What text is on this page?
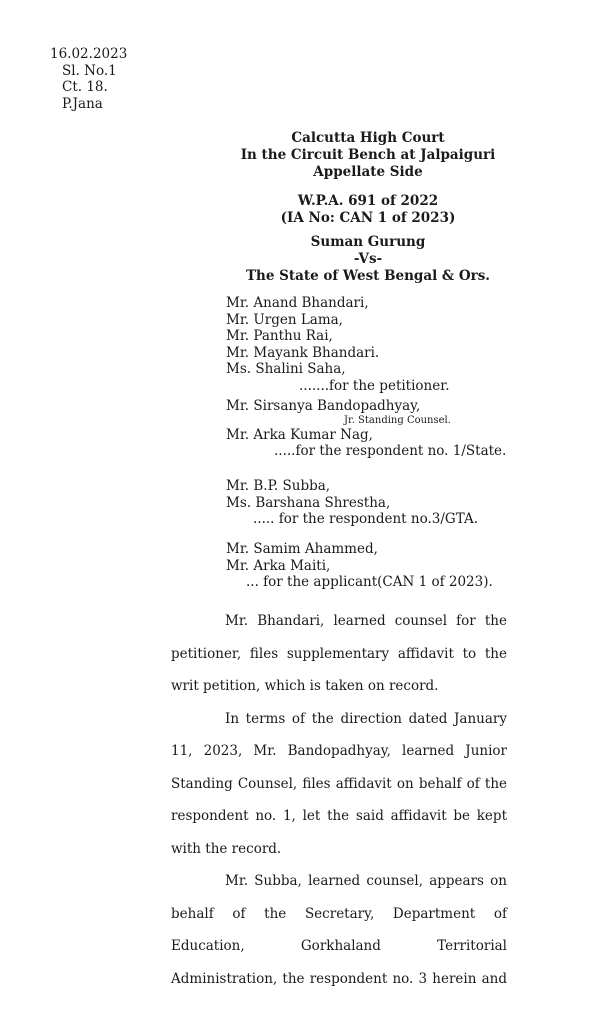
16.02.2023
Sl. No.1
Ct. 18.
P.Jana
Calcutta High Court
In the Circuit Bench at Jalpaiguri
Appellate Side
W.P.A. 691 of 2022
(IA No: CAN 1 of 2023)
Suman Gurung
-Vs-
The State of West Bengal & Ors.
Mr. Anand Bhandari,
Mr. Urgen Lama,
Mr. Panthu Rai,
Mr. Mayank Bhandari.
Ms. Shalini Saha,
.......for the petitioner.
Mr. Sirsanya Bandopadhyay,
Jr. Standing Counsel.
Mr. Arka Kumar Nag,
.....for the respondent no. 1/State.
Mr. B.P. Subba,
Ms. Barshana Shrestha,
..... for the respondent no.3/GTA.
Mr. Samim Ahammed,
Mr. Arka Maiti,
... for the applicant(CAN 1 of 2023).

Mr. Bhandari, learned counsel for the petitioner, files supplementary affidavit to the writ petition, which is taken on record.

In terms of the direction dated January 11, 2023, Mr. Bandopadhyay, learned Junior Standing Counsel, files affidavit on behalf of the respondent no. 1, let the said affidavit be kept with the record.

Mr. Subba, learned counsel, appears on behalf of the Secretary, Department of Education, Gorkhaland Territorial Administration, the respondent no. 3 herein and
